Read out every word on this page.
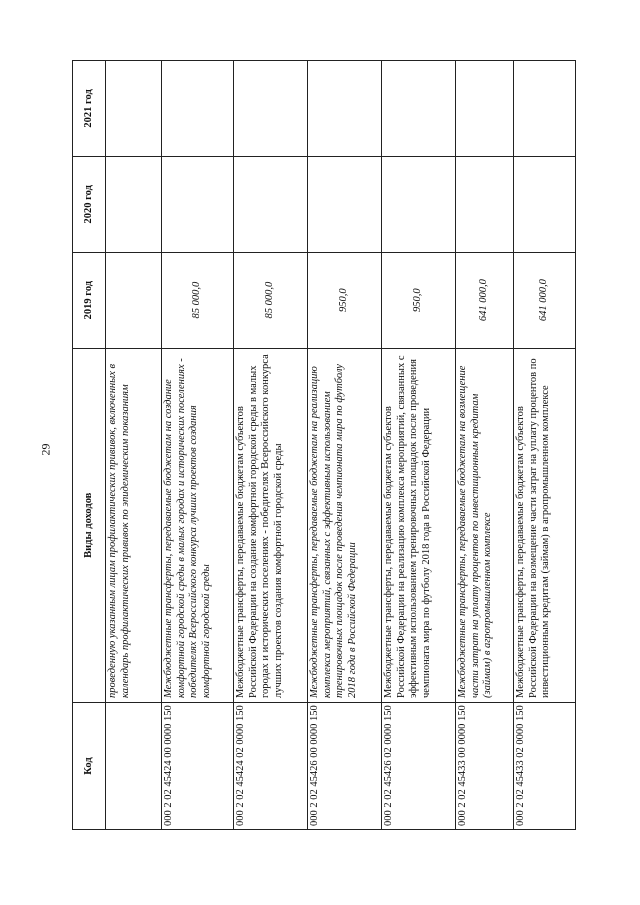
29
Код	Виды доходов	2019 год	2020 год	2021 год
	проведенную указанным лицам профилактических прививок, включенных в календарь профилактических прививок по эпидемическим показаниям			
000 2 02 45424 00 0000 150	Межбюджетные трансферты, передаваемые бюджетам на создание комфортной городской среды в малых городах и исторических поселениях - победителях Всероссийского конкурса лучших проектов создания комфортной городской среды	85 000,0		
000 2 02 45424 02 0000 150	Межбюджетные трансферты, передаваемые бюджетам субъектов Российской Федерации на создание комфортной городской среды в малых городах и исторических поселениях - победителях Всероссийского конкурса лучших проектов создания комфортной городской среды	85 000,0		
000 2 02 45426 00 0000 150	Межбюджетные трансферты, передаваемые бюджетам на реализацию комплекса мероприятий, связанных с эффективным использованием тренировочных площадок после проведения чемпионата мира по футболу 2018 года в Российской Федерации	950,0		
000 2 02 45426 02 0000 150	Межбюджетные трансферты, передаваемые бюджетам субъектов Российской Федерации на реализацию комплекса мероприятий, связанных с эффективным использованием тренировочных площадок после проведения чемпионата мира по футболу 2018 года в Российской Федерации	950,0		
000 2 02 45433 00 0000 150	Межбюджетные трансферты, передаваемые бюджетам на возмещение части затрат на уплату процентов по инвестиционным кредитам (займам) в агропромышленном комплексе	641 000,0		
000 2 02 45433 02 0000 150	Межбюджетные трансферты, передаваемые бюджетам субъектов Российской Федерации на возмещение части затрат на уплату процентов по инвестиционным кредитам (займам) в агропромышленном комплексе	641 000,0		
